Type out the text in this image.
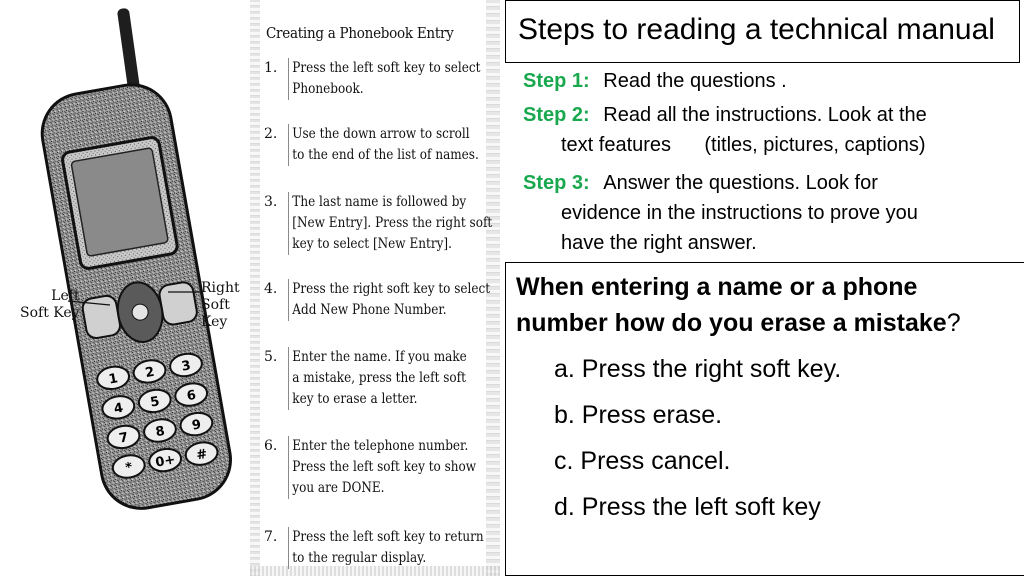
1 2 3
4 5 6
7 8 9
* 0+ #
Left
Soft Key
Right
Soft Key
Creating a Phonebook Entry
1.	Press the left soft key to select
Phonebook.
2.	Use the down arrow to scroll
to the end of the list of names.
3.	The last name is followed by
[New Entry]. Press the right soft
key to select [New Entry].
4.	Press the right soft key to select
Add New Phone Number.
5.	Enter the name. If you make
a mistake, press the left soft
key to erase a letter.
6.	Enter the telephone number.
Press the left soft key to show
you are DONE.
7.	Press the left soft key to return
to the regular display.
Steps to reading a technical manual
Step 1: Read the questions .
Step 2: Read all the instructions. Look at the
text features      (titles, pictures, captions)
Step 3: Answer the questions. Look for
evidence in the instructions to prove you
have the right answer.
When entering a name or a phone number how do you erase a mistake?
a. Press the right soft key.
b. Press erase.
c. Press cancel.
d. Press the left soft key
